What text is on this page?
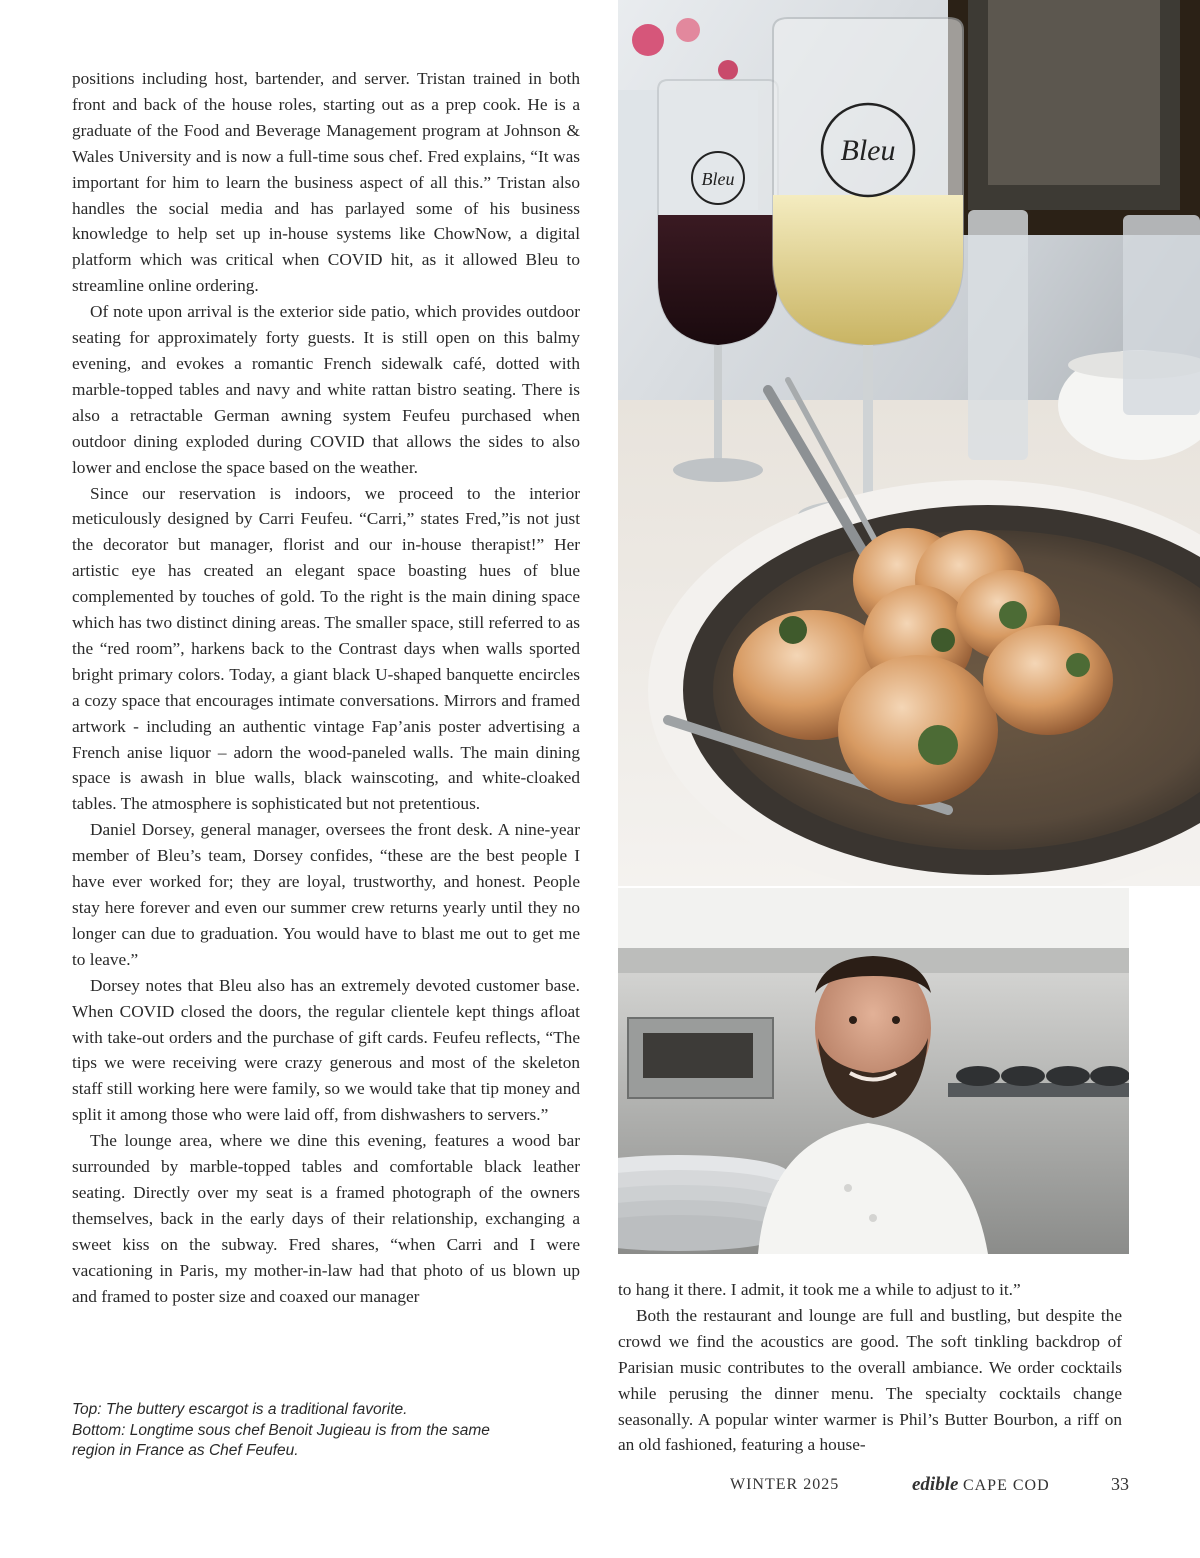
positions including host, bartender, and server. Tristan trained in both front and back of the house roles, starting out as a prep cook. He is a graduate of the Food and Beverage Management program at Johnson & Wales University and is now a full-time sous chef. Fred explains, “It was important for him to learn the business aspect of all this.” Tristan also handles the social media and has parlayed some of his business knowledge to help set up in-house systems like ChowNow, a digital platform which was critical when COVID hit, as it allowed Bleu to streamline online ordering.

Of note upon arrival is the exterior side patio, which provides outdoor seating for approximately forty guests. It is still open on this balmy evening, and evokes a romantic French sidewalk café, dotted with marble-topped tables and navy and white rattan bistro seating. There is also a retractable German awning system Feufeu purchased when outdoor dining exploded during COVID that allows the sides to also lower and enclose the space based on the weather.

Since our reservation is indoors, we proceed to the interior meticulously designed by Carri Feufeu. “Carri,” states Fred,”is not just the decorator but manager, florist and our in-house therapist!” Her artistic eye has created an elegant space boasting hues of blue complemented by touches of gold. To the right is the main dining space which has two distinct dining areas. The smaller space, still referred to as the “red room”, harkens back to the Contrast days when walls sported bright primary colors. Today, a giant black U-shaped banquette encircles a cozy space that encourages intimate conversations. Mirrors and framed artwork - including an authentic vintage Fap’anis poster advertising a French anise liquor – adorn the wood-paneled walls. The main dining space is awash in blue walls, black wainscoting, and white-cloaked tables. The atmosphere is sophisticated but not pretentious.

Daniel Dorsey, general manager, oversees the front desk. A nine-year member of Bleu’s team, Dorsey confides, “these are the best people I have ever worked for; they are loyal, trustworthy, and honest. People stay here forever and even our summer crew returns yearly until they no longer can due to graduation. You would have to blast me out to get me to leave.”

Dorsey notes that Bleu also has an extremely devoted customer base. When COVID closed the doors, the regular clientele kept things afloat with take-out orders and the purchase of gift cards. Feufeu reflects, “The tips we were receiving were crazy generous and most of the skeleton staff still working here were family, so we would take that tip money and split it among those who were laid off, from dishwashers to servers.”

The lounge area, where we dine this evening, features a wood bar surrounded by marble-topped tables and comfortable black leather seating. Directly over my seat is a framed photograph of the owners themselves, back in the early days of their relationship, exchanging a sweet kiss on the subway. Fred shares, “when Carri and I were vacationing in Paris, my mother-in-law had that photo of us blown up and framed to poster size and coaxed our manager

Top: The buttery escargot is a traditional favorite.
Bottom: Longtime sous chef Benoit Jugieau is from the same
region in France as Chef Feufeu.
Bleu
Bleu

to hang it there. I admit, it took me a while to adjust to it.”

Both the restaurant and lounge are full and bustling, but despite the crowd we find the acoustics are good. The soft tinkling backdrop of Parisian music contributes to the overall ambiance. We order cocktails while perusing the dinner menu. The specialty cocktails change seasonally. A popular winter warmer is Phil’s Butter Bourbon, a riff on an old fashioned, featuring a house-

WINTER 2025	edible CAPE COD	33
